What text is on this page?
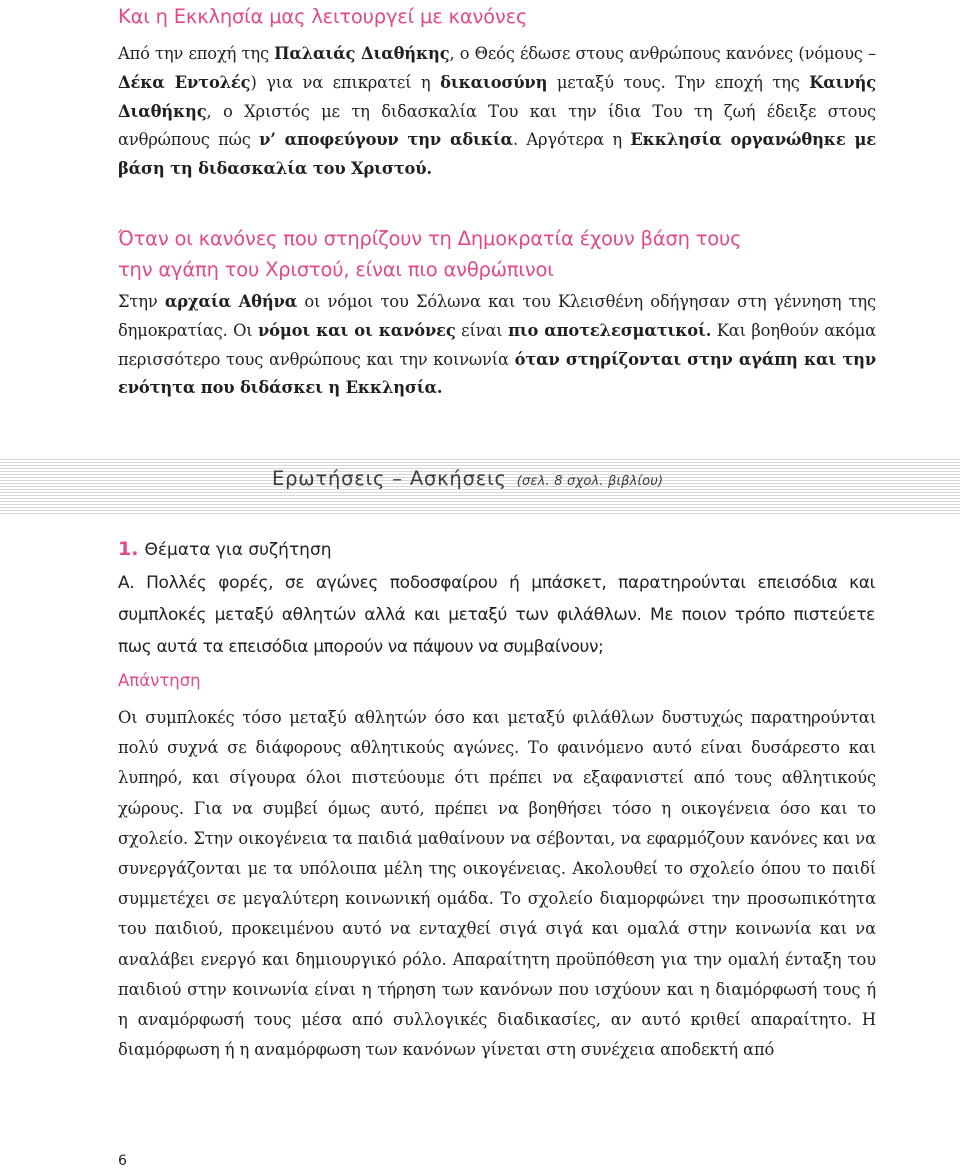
Και η Εκκλησία μας λειτουργεί με κανόνες

Από την εποχή της Παλαιάς Διαθήκης, ο Θεός έδωσε στους ανθρώπους κανόνες (νόμους – Δέκα Εντολές) για να επικρατεί η δικαιοσύνη μεταξύ τους. Την εποχή της Καινής Διαθήκης, ο Χριστός με τη διδασκαλία Του και την ίδια Του τη ζωή έδειξε στους ανθρώπους πώς ν’ αποφεύγουν την αδικία. Αργότερα η Εκκλησία οργανώθηκε με βάση τη διδασκαλία του Χριστού.

Όταν οι κανόνες που στηρίζουν τη Δημοκρατία έχουν βάση τους
την αγάπη του Χριστού, είναι πιο ανθρώπινοι

Στην αρχαία Αθήνα οι νόμοι του Σόλωνα και του Κλεισθένη οδήγησαν στη γέννηση της δημοκρατίας. Οι νόμοι και οι κανόνες είναι πιο αποτελεσματικοί. Και βοηθούν ακόμα περισσότερο τους ανθρώπους και την κοινωνία όταν στηρίζονται στην αγάπη και την ενότητα που διδάσκει η Εκκλησία.

Ερωτήσεις – Ασκήσεις (σελ. 8 σχολ. βιβλίου)
1. Θέματα για συζήτηση

Α. Πολλές φορές, σε αγώνες ποδοσφαίρου ή μπάσκετ, παρατηρούνται επεισόδια και συμπλοκές μεταξύ αθλητών αλλά και μεταξύ των φιλάθλων. Με ποιον τρόπο πιστεύετε πως αυτά τα επεισόδια μπορούν να πάψουν να συμβαίνουν;

Απάντηση

Οι συμπλοκές τόσο μεταξύ αθλητών όσο και μεταξύ φιλάθλων δυστυχώς παρατηρούνται πολύ συχνά σε διάφορους αθλητικούς αγώνες. Το φαινόμενο αυτό είναι δυσάρεστο και λυπηρό, και σίγουρα όλοι πιστεύουμε ότι πρέπει να εξαφανιστεί από τους αθλητικούς χώρους. Για να συμβεί όμως αυτό, πρέπει να βοηθήσει τόσο η οικογένεια όσο και το σχολείο. Στην οικογένεια τα παιδιά μαθαίνουν να σέβονται, να εφαρμόζουν κανόνες και να συνεργάζονται με τα υπόλοιπα μέλη της οικογένειας. Ακολουθεί το σχολείο όπου το παιδί συμμετέχει σε μεγαλύτερη κοινωνική ομάδα. Το σχολείο διαμορφώνει την προσωπικότητα του παιδιού, προκειμένου αυτό να ενταχθεί σιγά σιγά και ομαλά στην κοινωνία και να αναλάβει ενεργό και δημιουργικό ρόλο. Απαραίτητη προϋπόθεση για την ομαλή ένταξη του παιδιού στην κοινωνία είναι η τήρηση των κανόνων που ισχύουν και η διαμόρφωσή τους ή η αναμόρφωσή τους μέσα από συλλογικές διαδικασίες, αν αυτό κριθεί απαραίτητο. Η διαμόρφωση ή η αναμόρφωση των κανόνων γίνεται στη συνέχεια αποδεκτή από

6
